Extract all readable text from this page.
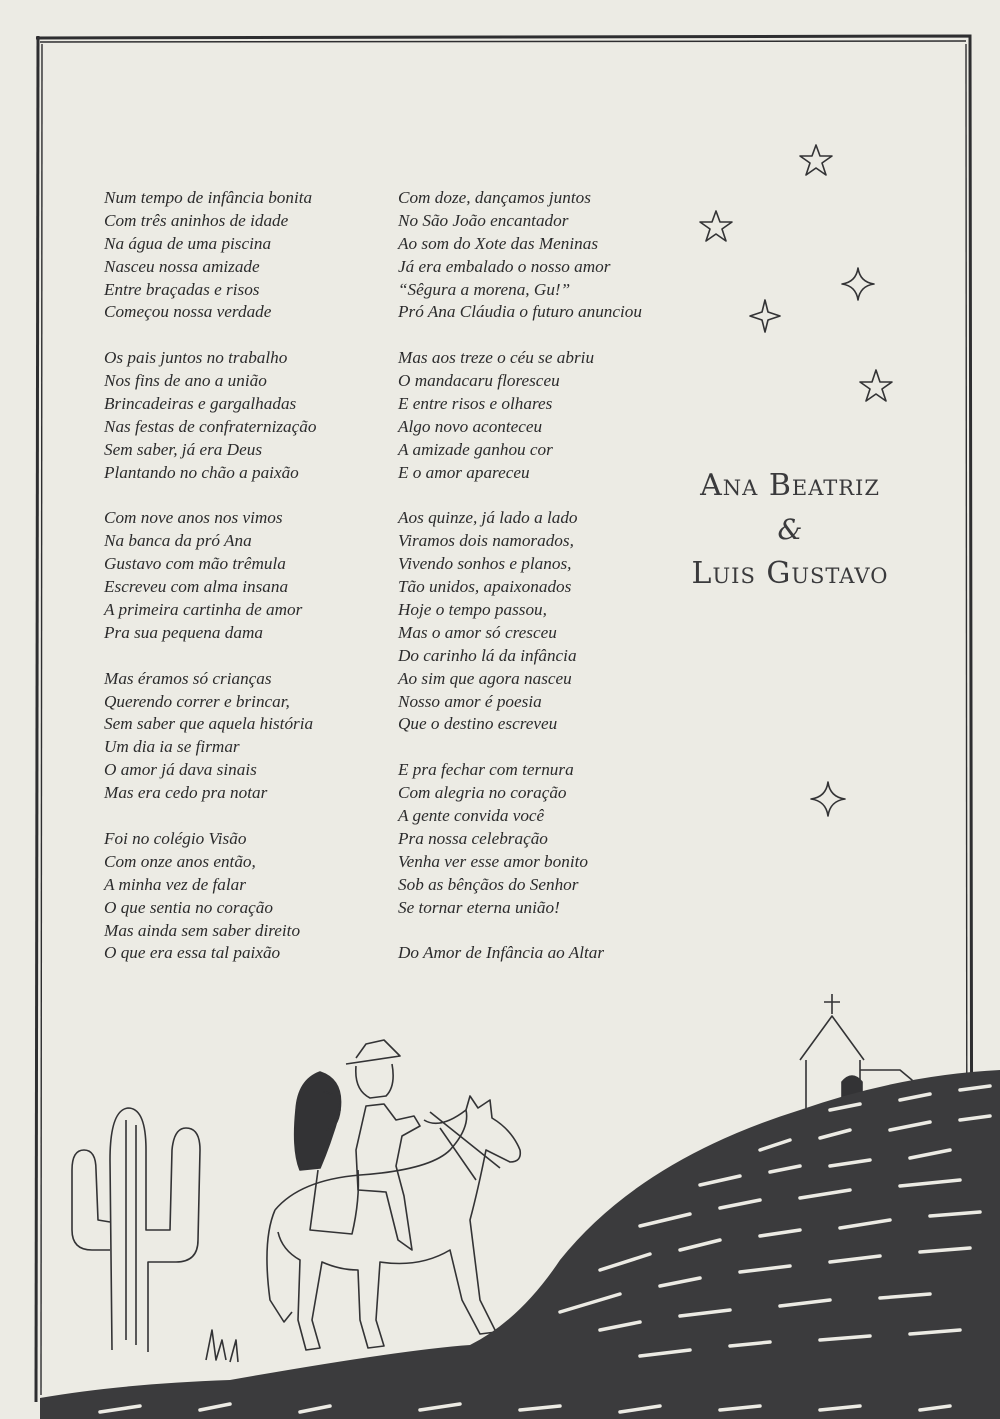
Num tempo de infância bonita
Com três aninhos de idade
Na água de uma piscina
Nasceu nossa amizade
Entre braçadas e risos
Começou nossa verdade
Os pais juntos no trabalho
Nos fins de ano a união
Brincadeiras e gargalhadas
Nas festas de confraternização
Sem saber, já era Deus
Plantando no chão a paixão
Com nove anos nos vimos
Na banca da pró Ana
Gustavo com mão trêmula
Escreveu com alma insana
A primeira cartinha de amor
Pra sua pequena dama
Mas éramos só crianças
Querendo correr e brincar,
Sem saber que aquela história
Um dia ia se firmar
O amor já dava sinais
Mas era cedo pra notar
Foi no colégio Visão
Com onze anos então,
A minha vez de falar
O que sentia no coração
Mas ainda sem saber direito
O que era essa tal paixão
Com doze, dançamos juntos
No São João encantador
Ao som do Xote das Meninas
Já era embalado o nosso amor
“Sêgura a morena, Gu!”
Pró Ana Cláudia o futuro anunciou
Mas aos treze o céu se abriu
O mandacaru floresceu
E entre risos e olhares
Algo novo aconteceu
A amizade ganhou cor
E o amor apareceu
Aos quinze, já lado a lado
Viramos dois namorados,
Vivendo sonhos e planos,
Tão unidos, apaixonados
Hoje o tempo passou,
Mas o amor só cresceu
Do carinho lá da infância
Ao sim que agora nasceu
Nosso amor é poesia
Que o destino escreveu
E pra fechar com ternura
Com alegria no coração
A gente convida você
Pra nossa celebração
Venha ver esse amor bonito
Sob as bênçãos do Senhor
Se tornar eterna união!
Do Amor de Infância ao Altar
Ana Beatriz
&
Luis Gustavo
